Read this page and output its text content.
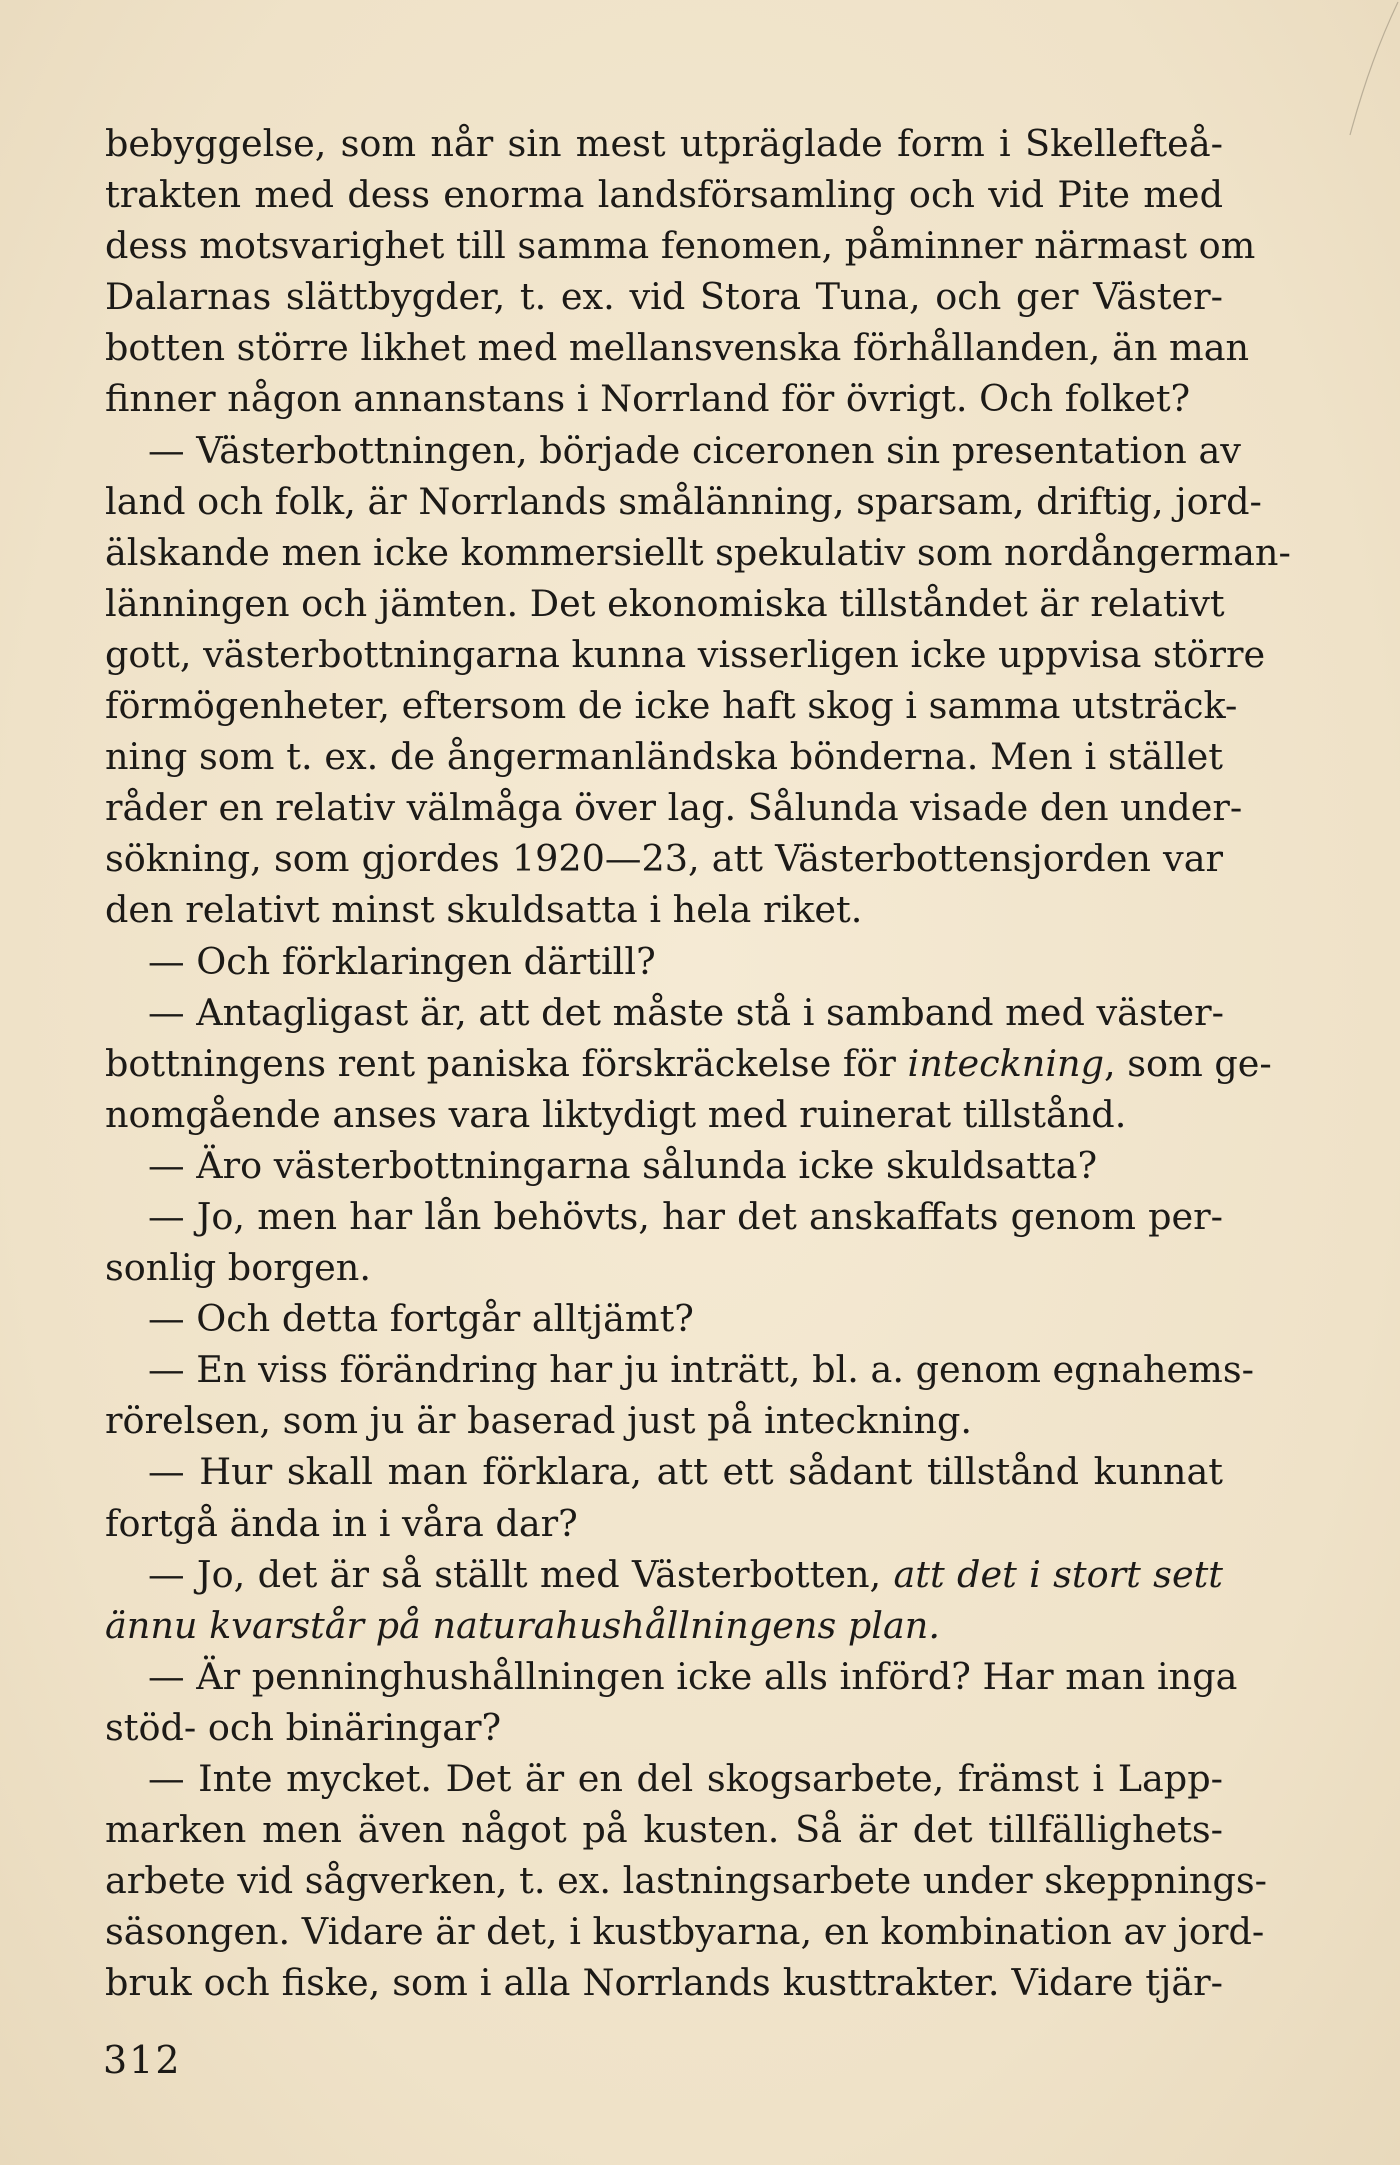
bebyggelse, som når sin mest utpräglade form i Skellefteå-
trakten med dess enorma landsförsamling och vid Pite med
dess motsvarighet till samma fenomen, påminner närmast om
Dalarnas slättbygder, t. ex. vid Stora Tuna, och ger Väster-
botten större likhet med mellansvenska förhållanden, än man
finner någon annanstans i Norrland för övrigt. Och folket?
— Västerbottningen, började ciceronen sin presentation av
land och folk, är Norrlands smålänning, sparsam, driftig, jord-
älskande men icke kommersiellt spekulativ som nordångerman-
länningen och jämten. Det ekonomiska tillståndet är relativt
gott, västerbottningarna kunna visserligen icke uppvisa större
förmögenheter, eftersom de icke haft skog i samma utsträck-
ning som t. ex. de ångermanländska bönderna. Men i stället
råder en relativ välmåga över lag. Sålunda visade den under-
sökning, som gjordes 1920—23, att Västerbottensjorden var
den relativt minst skuldsatta i hela riket.
— Och förklaringen därtill?
— Antagligast är, att det måste stå i samband med väster-
bottningens rent paniska förskräckelse för inteckning, som ge-
nomgående anses vara liktydigt med ruinerat tillstånd.
— Äro västerbottningarna sålunda icke skuldsatta?
— Jo, men har lån behövts, har det anskaffats genom per-
sonlig borgen.
— Och detta fortgår alltjämt?
— En viss förändring har ju inträtt, bl. a. genom egnahems-
rörelsen, som ju är baserad just på inteckning.
— Hur skall man förklara, att ett sådant tillstånd kunnat
fortgå ända in i våra dar?
— Jo, det är så ställt med Västerbotten, att det i stort sett
ännu kvarstår på naturahushållningens plan.
— Är penninghushållningen icke alls införd? Har man inga
stöd- och binäringar?
— Inte mycket. Det är en del skogsarbete, främst i Lapp-
marken men även något på kusten. Så är det tillfällighets-
arbete vid sågverken, t. ex. lastningsarbete under skeppnings-
säsongen. Vidare är det, i kustbyarna, en kombination av jord-
bruk och fiske, som i alla Norrlands kusttrakter. Vidare tjär-
312
